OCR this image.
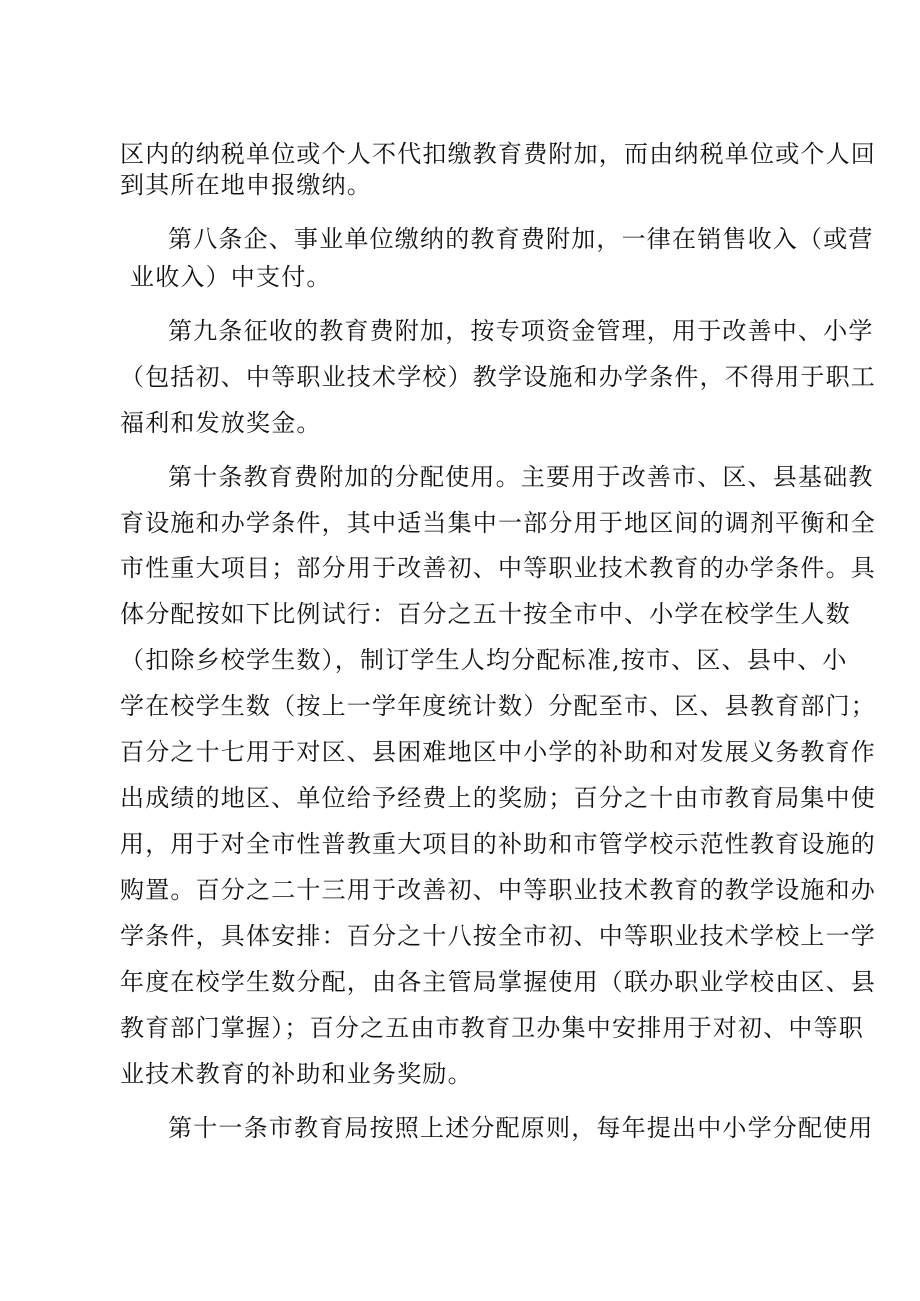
区内的纳税单位或个人不代扣缴教育费附加，而由纳税单位或个人回

到其所在地申报缴纳。

第八条企、事业单位缴纳的教育费附加，一律在销售收入（或营

业收入）中支付。

第九条征收的教育费附加，按专项资金管理，用于改善中、小学

（包括初、中等职业技术学校）教学设施和办学条件，不得用于职工

福利和发放奖金。

第十条教育费附加的分配使用。主要用于改善市、区、县基础教

育设施和办学条件，其中适当集中一部分用于地区间的调剂平衡和全

市性重大项目；部分用于改善初、中等职业技术教育的办学条件。具

体分配按如下比例试行：百分之五十按全市中、小学在校学生人数

（扣除乡校学生数），制订学生人均分配标准,按市、区、县中、小

学在校学生数（按上一学年度统计数）分配至市、区、县教育部门；

百分之十七用于对区、县困难地区中小学的补助和对发展义务教育作

出成绩的地区、单位给予经费上的奖励；百分之十由市教育局集中使

用，用于对全市性普教重大项目的补助和市管学校示范性教育设施的

购置。百分之二十三用于改善初、中等职业技术教育的教学设施和办

学条件，具体安排：百分之十八按全市初、中等职业技术学校上一学

年度在校学生数分配，由各主管局掌握使用（联办职业学校由区、县

教育部门掌握）；百分之五由市教育卫办集中安排用于对初、中等职

业技术教育的补助和业务奖励。

第十一条市教育局按照上述分配原则，每年提出中小学分配使用
